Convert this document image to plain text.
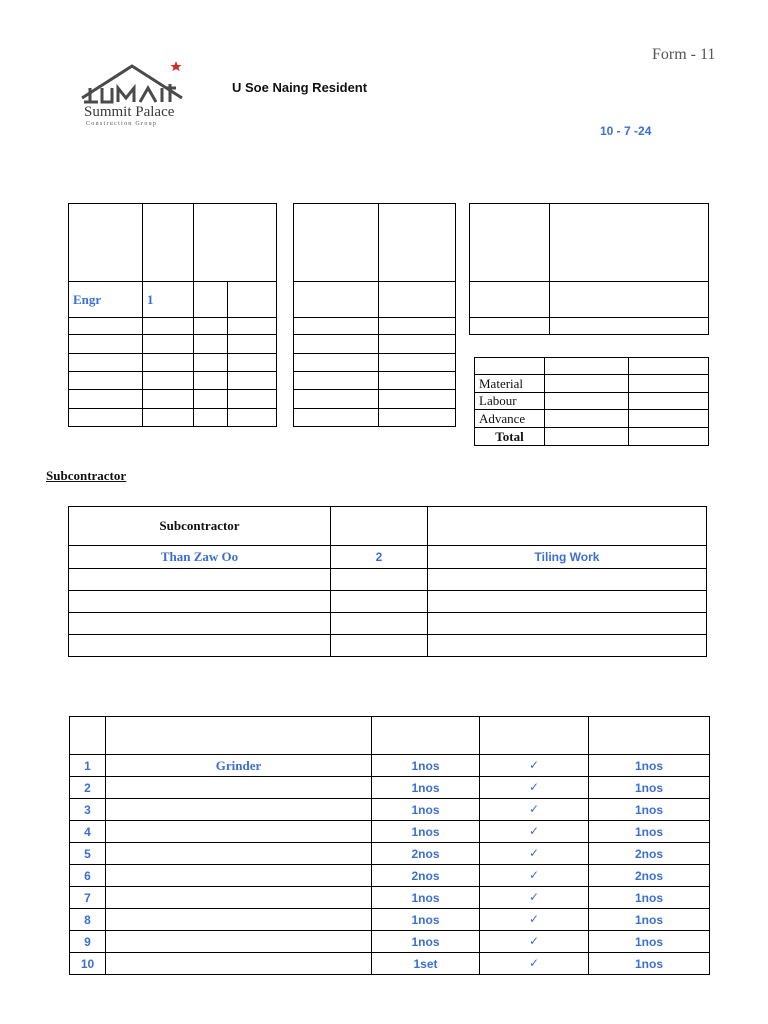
Form - 11
Summit Palace
Construction Group
U Soe Naing Resident
10 - 7 -24

Engr	1		

Material		
Labour		
Advance		
Total		
Subcontractor
Subcontractor		
Than Zaw Oo	2	Tiling Work

1	Grinder	1nos	✓	1nos
2		1nos	✓	1nos
3		1nos	✓	1nos
4		1nos	✓	1nos
5		2nos	✓	2nos
6		2nos	✓	2nos
7		1nos	✓	1nos
8		1nos	✓	1nos
9		1nos	✓	1nos
10		1set	✓	1nos
